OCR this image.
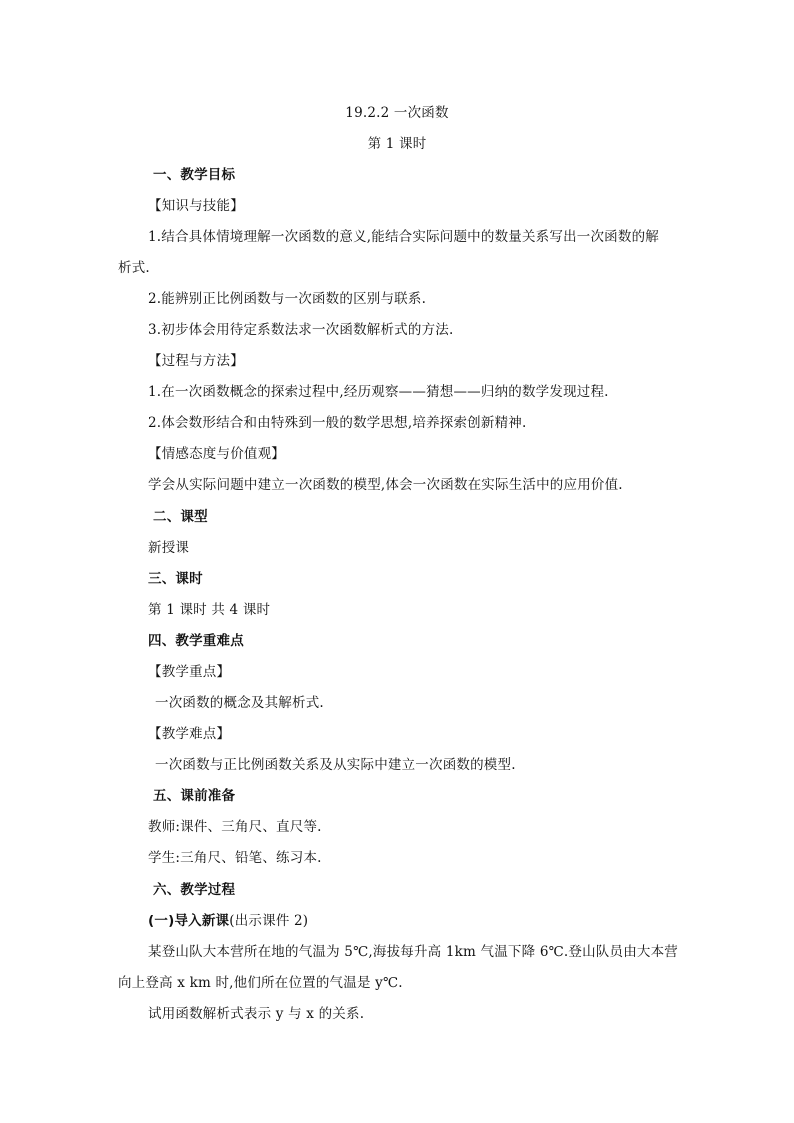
19.2.2 一次函数
第 1 课时
一、教学目标
【知识与技能】
1.结合具体情境理解一次函数的意义,能结合实际问题中的数量关系写出一次函数的解
析式.
2.能辨别正比例函数与一次函数的区别与联系.
3.初步体会用待定系数法求一次函数解析式的方法.
【过程与方法】
1.在一次函数概念的探索过程中,经历观察——猜想——归纳的数学发现过程.
2.体会数形结合和由特殊到一般的数学思想,培养探索创新精神.
【情感态度与价值观】
学会从实际问题中建立一次函数的模型,体会一次函数在实际生活中的应用价值.
二、课型
新授课
三、课时
第 1 课时 共 4 课时
四、教学重难点
【教学重点】
一次函数的概念及其解析式.
【教学难点】
一次函数与正比例函数关系及从实际中建立一次函数的模型.
五、课前准备
教师:课件、三角尺、直尺等.
学生:三角尺、铅笔、练习本.
六、教学过程
(一)导入新课(出示课件 2)
某登山队大本营所在地的气温为 5℃,海拔每升高 1km 气温下降 6℃.登山队员由大本营
向上登高 x km 时,他们所在位置的气温是 y℃.
试用函数解析式表示 y 与 x 的关系.
